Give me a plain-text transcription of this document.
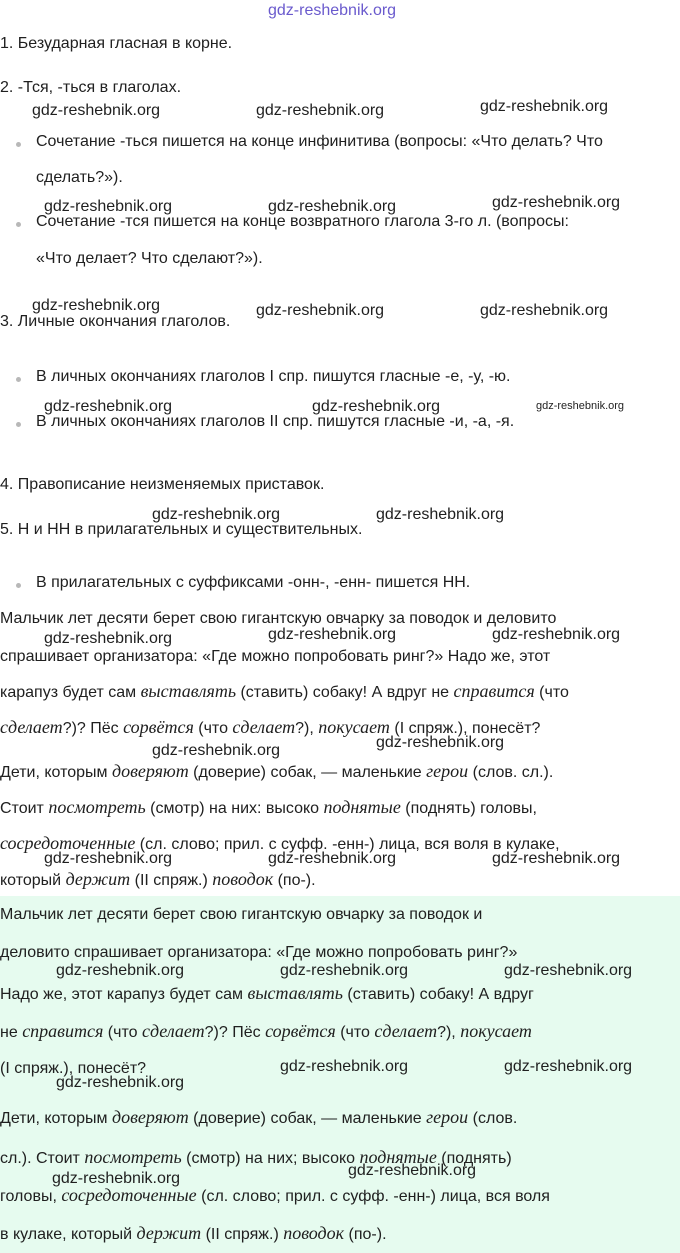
gdz-reshebnik.org
1. Безударная гласная в корне.
2. -Тся, -ться в глаголах.
gdz-reshebnik.org	gdz-reshebnik.org	gdz-reshebnik.org
Сочетание -ться пишется на конце инфинитива (вопросы: «Что делать? Что
сделать?»).
gdz-reshebnik.org	gdz-reshebnik.org	gdz-reshebnik.org
Сочетание -тся пишется на конце возвратного глагола 3-го л. (вопросы:
«Что делает? Что сделают?»).
gdz-reshebnik.org	gdz-reshebnik.org	gdz-reshebnik.org
3. Личные окончания глаголов.
В личных окончаниях глаголов I спр. пишутся гласные -е, -у, -ю.
gdz-reshebnik.org	gdz-reshebnik.org	gdz-reshebnik.org
В личных окончаниях глаголов II спр. пишутся гласные -и, -а, -я.
4. Правописание неизменяемых приставок.
gdz-reshebnik.org	gdz-reshebnik.org
5. Н и НН в прилагательных и существительных.
В прилагательных с суффиксами -онн-, -енн- пишется НН.
Мальчик лет десяти берет свою гигантскую овчарку за поводок и деловито
спрашивает организатора: «Где можно попробовать ринг?» Надо же, этот
карапуз будет сам выставлять (ставить) собаку! А вдруг не справится (что
сделает?)? Пёс сорвётся (что сделает?), покусает (I спряж.), понесёт?
Дети, которым доверяют (доверие) собак, — маленькие герои (слов. сл.).
Стоит посмотреть (смотр) на них: высоко поднятые (поднять) головы,
сосредоточенные (сл. слово; прил. с суфф. -енн-) лица, вся воля в кулаке,
который держит (II спряж.) поводок (по-).
gdz-reshebnik.org	gdz-reshebnik.org	gdz-reshebnik.org
gdz-reshebnik.org	gdz-reshebnik.org
gdz-reshebnik.org	gdz-reshebnik.org	gdz-reshebnik.org
Мальчик лет десяти берет свою гигантскую овчарку за поводок и
деловито спрашивает организатора: «Где можно попробовать ринг?»
Надо же, этот карапуз будет сам выставлять (ставить) собаку! А вдруг
не справится (что сделает?)? Пёс сорвётся (что сделает?), покусает
(I спряж.), понесёт?
Дети, которым доверяют (доверие) собак, — маленькие герои (слов.
сл.). Стоит посмотреть (смотр) на них; высоко поднятые (поднять)
головы, сосредоточенные (сл. слово; прил. с суфф. -енн-) лица, вся воля
в кулаке, который держит (II спряж.) поводок (по-).
gdz-reshebnik.org	gdz-reshebnik.org	gdz-reshebnik.org
gdz-reshebnik.org
gdz-reshebnik.org	gdz-reshebnik.org
gdz-reshebnik.org
gdz-reshebnik.org
